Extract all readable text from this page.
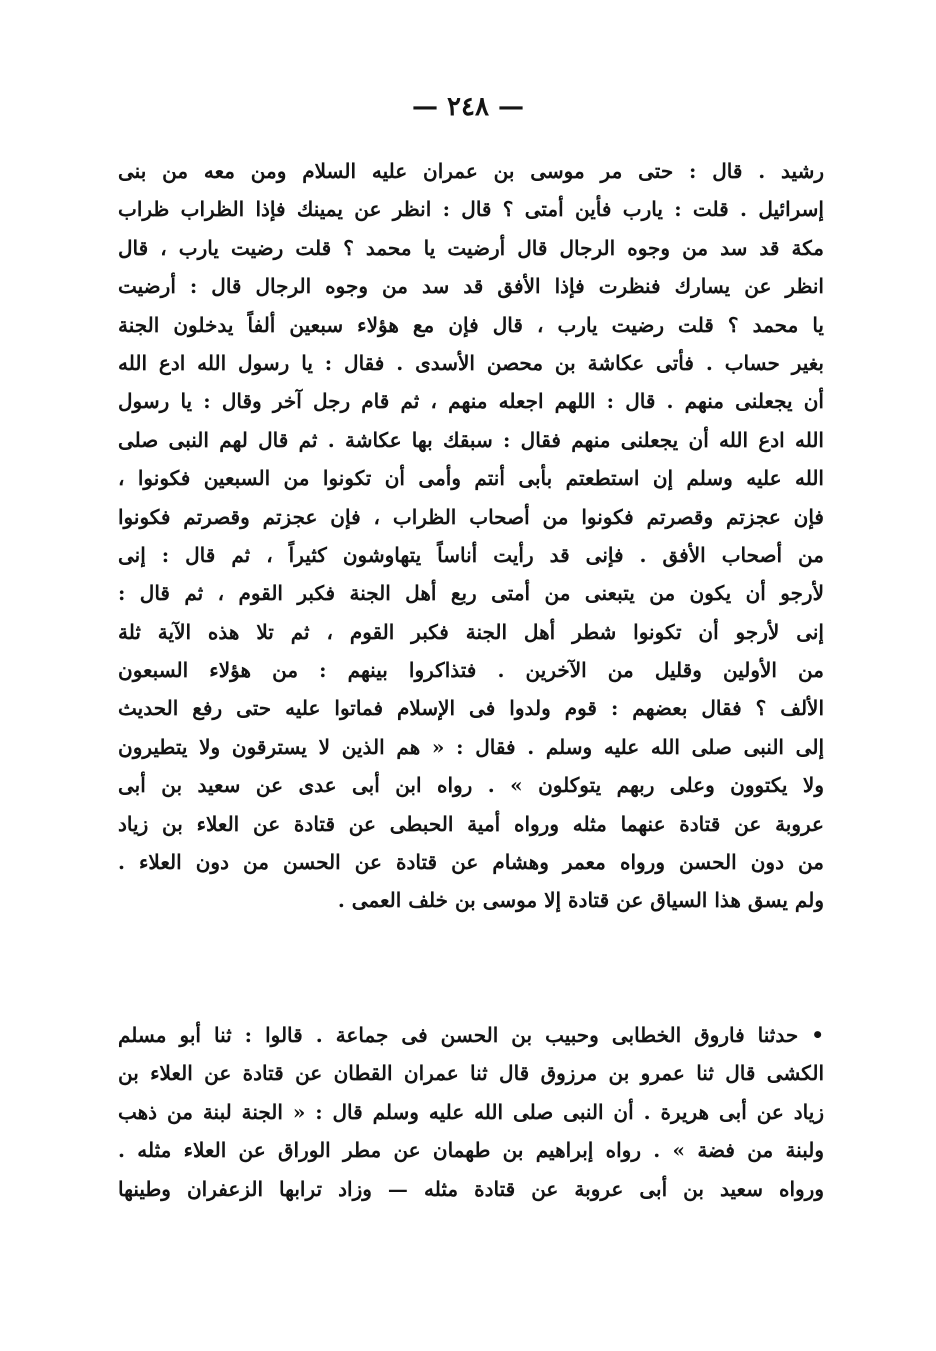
— ٢٤٨ —
رشيد . قال : حتى مر موسى بن عمران عليه السلام ومن معه من بنى
إسرائيل . قلت : يارب فأين أمتى ؟ قال : انظر عن يمينك فإذا الظراب ظراب
مكة قد سد من وجوه الرجال قال أرضيت يا محمد ؟ قلت رضيت يارب ، قال
انظر عن يسارك فنظرت فإذا الأفق قد سد من وجوه الرجال قال : أرضيت
يا محمد ؟ قلت رضيت يارب ، قال فإن مع هؤلاء سبعين ألفاً يدخلون الجنة
بغير حساب . فأتى عكاشة بن محصن الأسدى . فقال : يا رسول الله ادع الله
أن يجعلنى منهم . قال : اللهم اجعله منهم ، ثم قام رجل آخر وقال : يا رسول
الله ادع الله أن يجعلنى منهم فقال : سبقك بها عكاشة . ثم قال لهم النبى صلى
الله عليه وسلم إن استطعتم بأبى أنتم وأمى أن تكونوا من السبعين فكونوا ،
فإن عجزتم وقصرتم فكونوا من أصحاب الظراب ، فإن عجزتم وقصرتم فكونوا
من أصحاب الأفق . فإنى قد رأيت أناساً يتهاوشون كثيراً ، ثم قال : إنى
لأرجو أن يكون من يتبعنى من أمتى ربع أهل الجنة فكبر القوم ، ثم قال :
إنى لأرجو أن تكونوا شطر أهل الجنة فكبر القوم ، ثم تلا هذه الآية ثلة
من الأولين وقليل من الآخرين . فتذاكروا بينهم : من هؤلاء السبعون
الألف ؟ فقال بعضهم : قوم ولدوا فى الإسلام فماتوا عليه حتى رفع الحديث
إلى النبى صلى الله عليه وسلم . فقال : « هم الذين لا يسترقون ولا يتطيرون
ولا يكتوون وعلى ربهم يتوكلون » . رواه ابن أبى عدى عن سعيد بن أبى
عروبة عن قتادة عنهما مثله ورواه أمية الحبطى عن قتادة عن العلاء بن زياد
من دون الحسن ورواه معمر وهشام عن قتادة عن الحسن من دون العلاء .
ولم يسق هذا السياق عن قتادة إلا موسى بن خلف العمى .
• حدثنا فاروق الخطابى وحبيب بن الحسن فى جماعة . قالوا : ثنا أبو مسلم
الكشى قال ثنا عمرو بن مرزوق قال ثنا عمران القطان عن قتادة عن العلاء بن
زياد عن أبى هريرة . أن النبى صلى الله عليه وسلم قال : « الجنة لبنة من ذهب
ولبنة من فضة » . رواه إبراهيم بن طهمان عن مطر الوراق عن العلاء مثله .
ورواه سعيد بن أبى عروبة عن قتادة مثله — وزاد ترابها الزعفران وطينها
